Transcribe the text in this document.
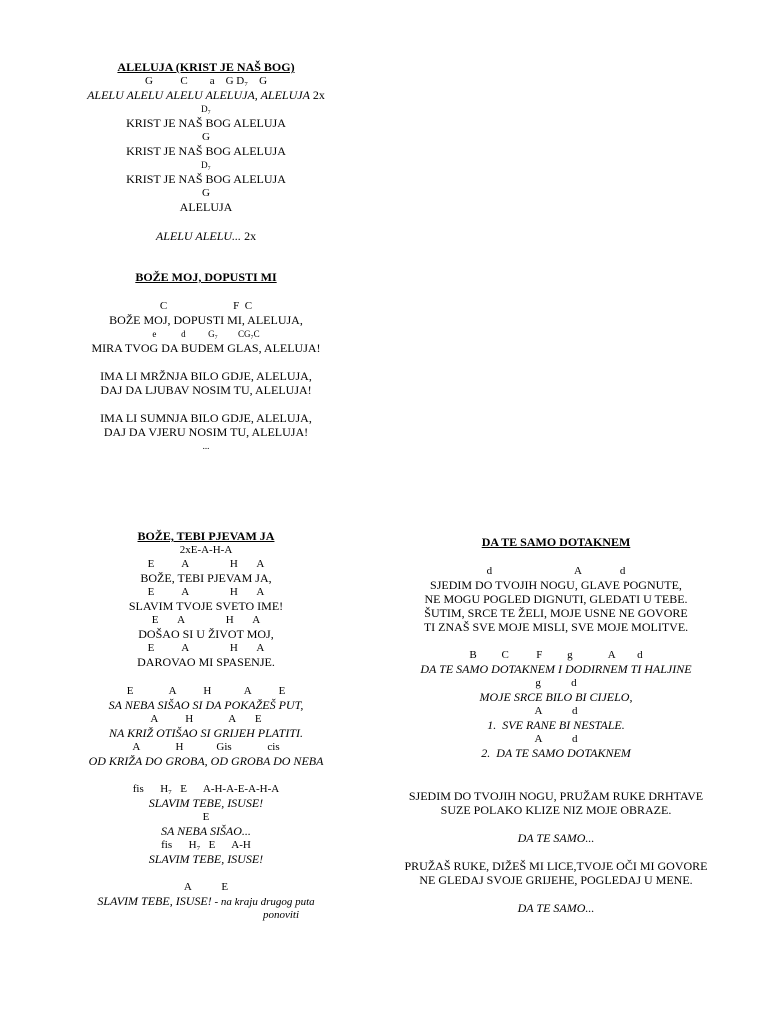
ALELUJA (KRIST JE NAŠ BOG)
G          C        a    G D₇    G
ALELU ALELU ALELU ALELUJA, ALELUJA 2x
D₇
KRIST JE NAŠ BOG ALELUJA
G
KRIST JE NAŠ BOG ALELUJA
D₇
KRIST JE NAŠ BOG ALELUJA
G
ALELUJA
ALELU ALELU... 2x
BOŽE MOJ, DOPUSTI MI
C                        F  C
BOŽE MOJ, DOPUSTI MI, ALELUJA,
e           d          G₇         CG₇C
MIRA TVOG DA BUDEM GLAS, ALELUJA!
IMA LI MRŽNJA BILO GDJE, ALELUJA,
DAJ DA LJUBAV NOSIM TU, ALELUJA!
IMA LI SUMNJA BILO GDJE, ALELUJA,
DAJ DA VJERU NOSIM TU, ALELUJA!
...
BOŽE, TEBI PJEVAM JA
2xE-A-H-A
E          A               H       A
BOŽE, TEBI PJEVAM JA,
E          A               H       A
SLAVIM TVOJE SVETO IME!
E       A               H       A
DOŠAO SI U ŽIVOT MOJ,
E          A               H       A
DAROVAO MI SPASENJE.
E             A          H            A          E
SA NEBA SIŠAO SI DA POKAŽEŠ PUT,
A          H             A       E
NA KRIŽ OTIŠAO SI GRIJEH PLATITI.
A             H            Gis             cis
OD KRIŽA DO GROBA, OD GROBA DO NEBA
fis      H₇   E      A-H-A-E-A-H-A
SLAVIM TEBE, ISUSE!
E
SA NEBA SIŠAO...
fis      H₇   E      A-H
SLAVIM TEBE, ISUSE!
A           E
SLAVIM TEBE, ISUSE! - na kraju drugog puta
ponoviti
DA TE SAMO DOTAKNEM
d                              A              d
SJEDIM DO TVOJIH NOGU, GLAVE POGNUTE,
NE MOGU POGLED DIGNUTI, GLEDATI U TEBE.
ŠUTIM, SRCE TE ŽELI, MOJE USNE NE GOVORE
TI ZNAŠ SVE MOJE MISLI, SVE MOJE MOLITVE.
B         C          F         g             A        d
DA TE SAMO DOTAKNEM I DODIRNEM TI HALJINE
g           d
MOJE SRCE BILO BI CIJELO,
A           d
1.  SVE RANE BI NESTALE.
A           d
2.  DA TE SAMO DOTAKNEM
SJEDIM DO TVOJIH NOGU, PRUŽAM RUKE DRHTAVE
SUZE POLAKO KLIZE NIZ MOJE OBRAZE.
DA TE SAMO...
PRUŽAŠ RUKE, DIŽEŠ MI LICE,TVOJE OČI MI GOVORE
NE GLEDAJ SVOJE GRIJEHE, POGLEDAJ U MENE.
DA TE SAMO...
